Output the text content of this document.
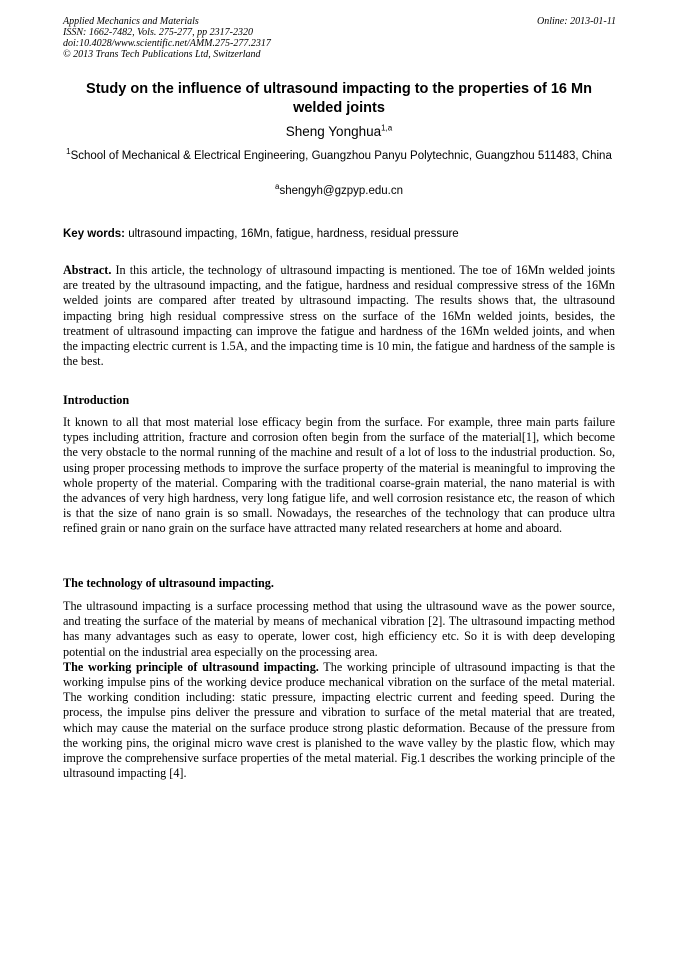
Applied Mechanics and Materials
ISSN: 1662-7482, Vols. 275-277, pp 2317-2320
doi:10.4028/www.scientific.net/AMM.275-277.2317
© 2013 Trans Tech Publications Ltd, Switzerland
Online: 2013-01-11
Study on the influence of ultrasound impacting to the properties of 16 Mn welded joints
Sheng Yonghua$^{1,a}$
$^1$School of Mechanical & Electrical Engineering, Guangzhou Panyu Polytechnic, Guangzhou 511483, China
$^a$shengyh@gzpyp.edu.cn
Key words: ultrasound impacting, 16Mn, fatigue, hardness, residual pressure

Abstract. In this article, the technology of ultrasound impacting is mentioned. The toe of 16Mn welded joints are treated by the ultrasound impacting, and the fatigue, hardness and residual compressive stress of the 16Mn welded joints are compared after treated by ultrasound impacting. The results shows that, the ultrasound impacting bring high residual compressive stress on the surface of the 16Mn welded joints, besides, the treatment of ultrasound impacting can improve the fatigue and hardness of the 16Mn welded joints, and when the impacting electric current is 1.5A, and the impacting time is 10 min, the fatigue and hardness of the sample is the best.

Introduction

It known to all that most material lose efficacy begin from the surface. For example, three main parts failure types including attrition, fracture and corrosion often begin from the surface of the material[1], which become the very obstacle to the normal running of the machine and result of a lot of loss to the industrial production. So, using proper processing methods to improve the surface property of the material is meaningful to improving the whole property of the material. Comparing with the traditional coarse-grain material, the nano material is with the advances of very high hardness, very long fatigue life, and well corrosion resistance etc, the reason of which is that the size of nano grain is so small. Nowadays, the researches of the technology that can produce ultra refined grain or nano grain on the surface have attracted many related researchers at home and aboard.

The technology of ultrasound impacting.

The ultrasound impacting is a surface processing method that using the ultrasound wave as the power source, and treating the surface of the material by means of mechanical vibration [2]. The ultrasound impacting method has many advantages such as easy to operate, lower cost, high efficiency etc. So it is with deep developing potential on the industrial area especially on the processing area.

The working principle of ultrasound impacting. The working principle of ultrasound impacting is that the working impulse pins of the working device produce mechanical vibration on the surface of the metal material. The working condition including: static pressure, impacting electric current and feeding speed. During the process, the impulse pins deliver the pressure and vibration to surface of the metal material that are treated, which may cause the material on the surface produce strong plastic deformation. Because of the pressure from the working pins, the original micro wave crest is planished to the wave valley by the plastic flow, which may improve the comprehensive surface properties of the metal material. Fig.1 describes the working principle of the ultrasound impacting [4].
